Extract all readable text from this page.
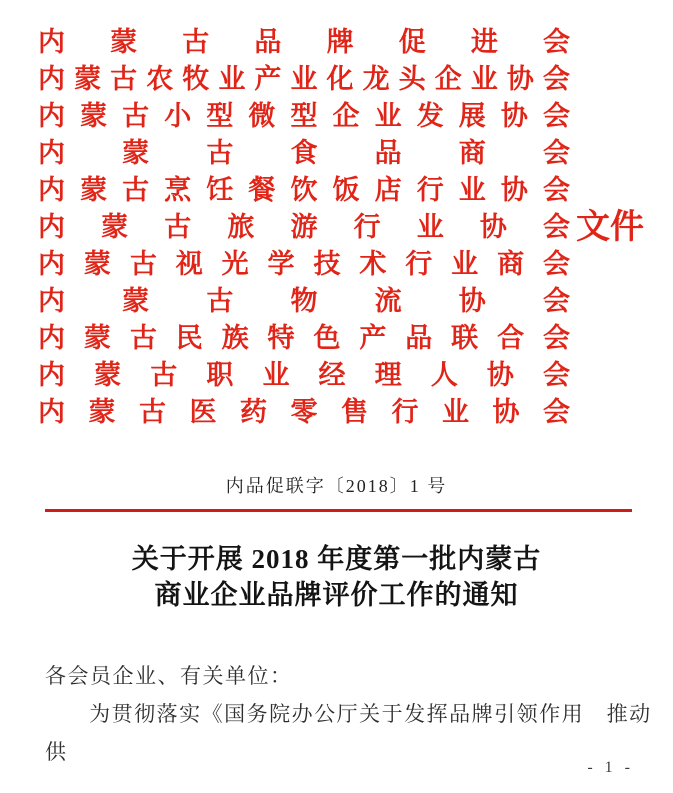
内 蒙 古 品 牌 促 进 会
内 蒙 古 农 牧 业 产 业 化 龙 头 企 业 协 会
内 蒙 古 小 型 微 型 企 业 发 展 协 会
内 蒙 古 食 品 商 会
内 蒙 古 烹 饪 餐 饮 饭 店 行 业 协 会
内 蒙 古 旅 游 行 业 协 会 文件
内 蒙 古 视 光 学 技 术 行 业 商 会
内 蒙 古 物 流 协 会
内 蒙 古 民 族 特 色 产 品 联 合 会
内 蒙 古 职 业 经 理 人 协 会
内 蒙 古 医 药 零 售 行 业 协 会
内品促联字〔2018〕1 号
关于开展 2018 年度第一批内蒙古
商业企业品牌评价工作的通知

各会员企业、有关单位：

为贯彻落实《国务院办公厅关于发挥品牌引领作用　推动供

- 1 -
